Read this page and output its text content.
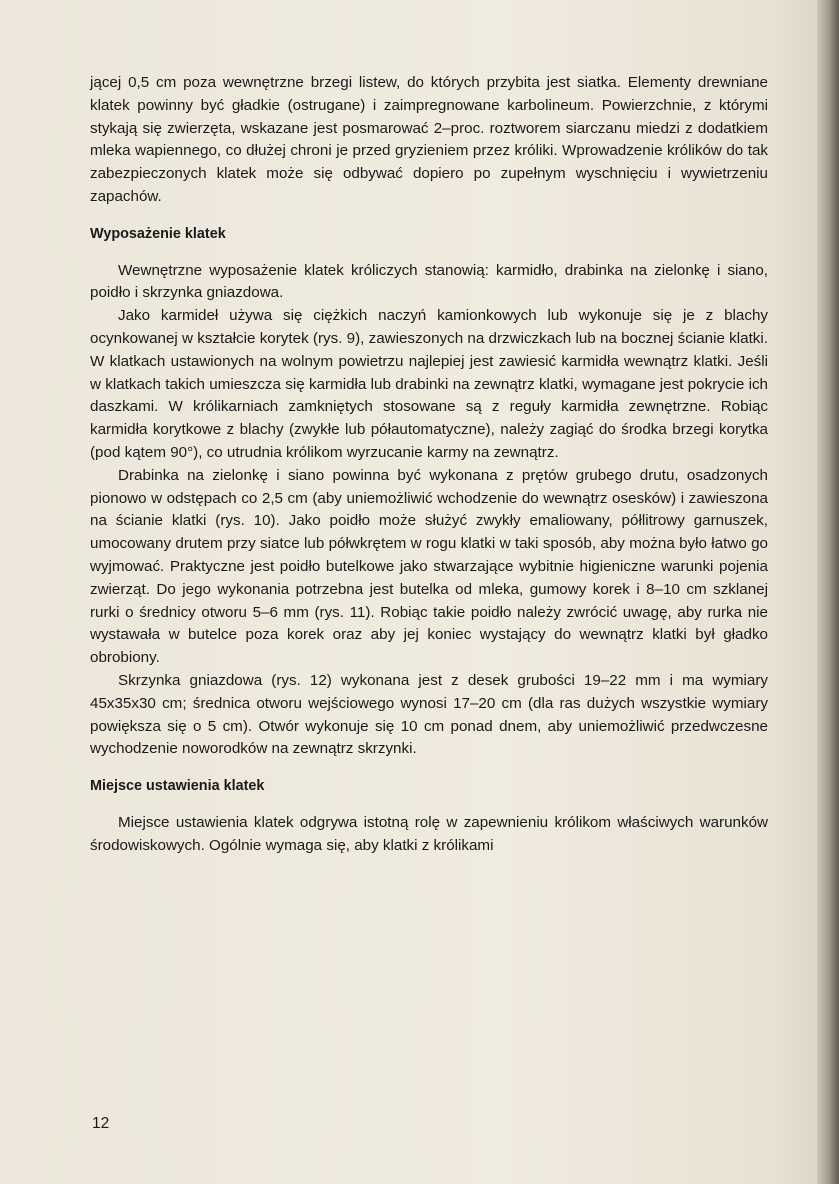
jącej 0,5 cm poza wewnętrzne brzegi listew, do których przybita jest siatka. Elementy drewniane klatek powinny być gładkie (ostrugane) i zaimpregnowane karbolineum. Powierzchnie, z którymi stykają się zwierzęta, wskazane jest posmarować 2–proc. roztworem siarczanu miedzi z dodatkiem mleka wapiennego, co dłużej chroni je przed gryzieniem przez króliki. Wprowadzenie królików do tak zabezpieczonych klatek może się odbywać dopiero po zupełnym wyschnięciu i wywietrzeniu zapachów.

Wyposażenie klatek

Wewnętrzne wyposażenie klatek króliczych stanowią: karmidło, drabinka na zielonkę i siano, poidło i skrzynka gniazdowa.

Jako karmideł używa się ciężkich naczyń kamionkowych lub wykonuje się je z blachy ocynkowanej w kształcie korytek (rys. 9), zawieszonych na drzwiczkach lub na bocznej ścianie klatki. W klatkach ustawionych na wolnym powietrzu najlepiej jest zawiesić karmidła wewnątrz klatki. Jeśli w klatkach takich umieszcza się karmidła lub drabinki na zewnątrz klatki, wymagane jest pokrycie ich daszkami. W królikarniach zamkniętych stosowane są z reguły karmidła zewnętrzne. Robiąc karmidła korytkowe z blachy (zwykłe lub półautomatyczne), należy zagiąć do środka brzegi korytka (pod kątem 90°), co utrudnia królikom wyrzucanie karmy na zewnątrz.

Drabinka na zielonkę i siano powinna być wykonana z prętów grubego drutu, osadzonych pionowo w odstępach co 2,5 cm (aby uniemożliwić wchodzenie do wewnątrz osesków) i zawieszona na ścianie klatki (rys. 10). Jako poidło może służyć zwykły emaliowany, półlitrowy garnuszek, umocowany drutem przy siatce lub półwkrętem w rogu klatki w taki sposób, aby można było łatwo go wyjmować. Praktyczne jest poidło butelkowe jako stwarzające wybitnie higieniczne warunki pojenia zwierząt. Do jego wykonania potrzebna jest butelka od mleka, gumowy korek i 8–10 cm szklanej rurki o średnicy otworu 5–6 mm (rys. 11). Robiąc takie poidło należy zwrócić uwagę, aby rurka nie wystawała w butelce poza korek oraz aby jej koniec wystający do wewnątrz klatki był gładko obrobiony.

Skrzynka gniazdowa (rys. 12) wykonana jest z desek grubości 19–22 mm i ma wymiary 45x35x30 cm; średnica otworu wejściowego wynosi 17–20 cm (dla ras dużych wszystkie wymiary powiększa się o 5 cm). Otwór wykonuje się 10 cm ponad dnem, aby uniemożliwić przedwczesne wychodzenie noworodków na zewnątrz skrzynki.

Miejsce ustawienia klatek

Miejsce ustawienia klatek odgrywa istotną rolę w zapewnieniu królikom właściwych warunków środowiskowych. Ogólnie wymaga się, aby klatki z królikami

12
